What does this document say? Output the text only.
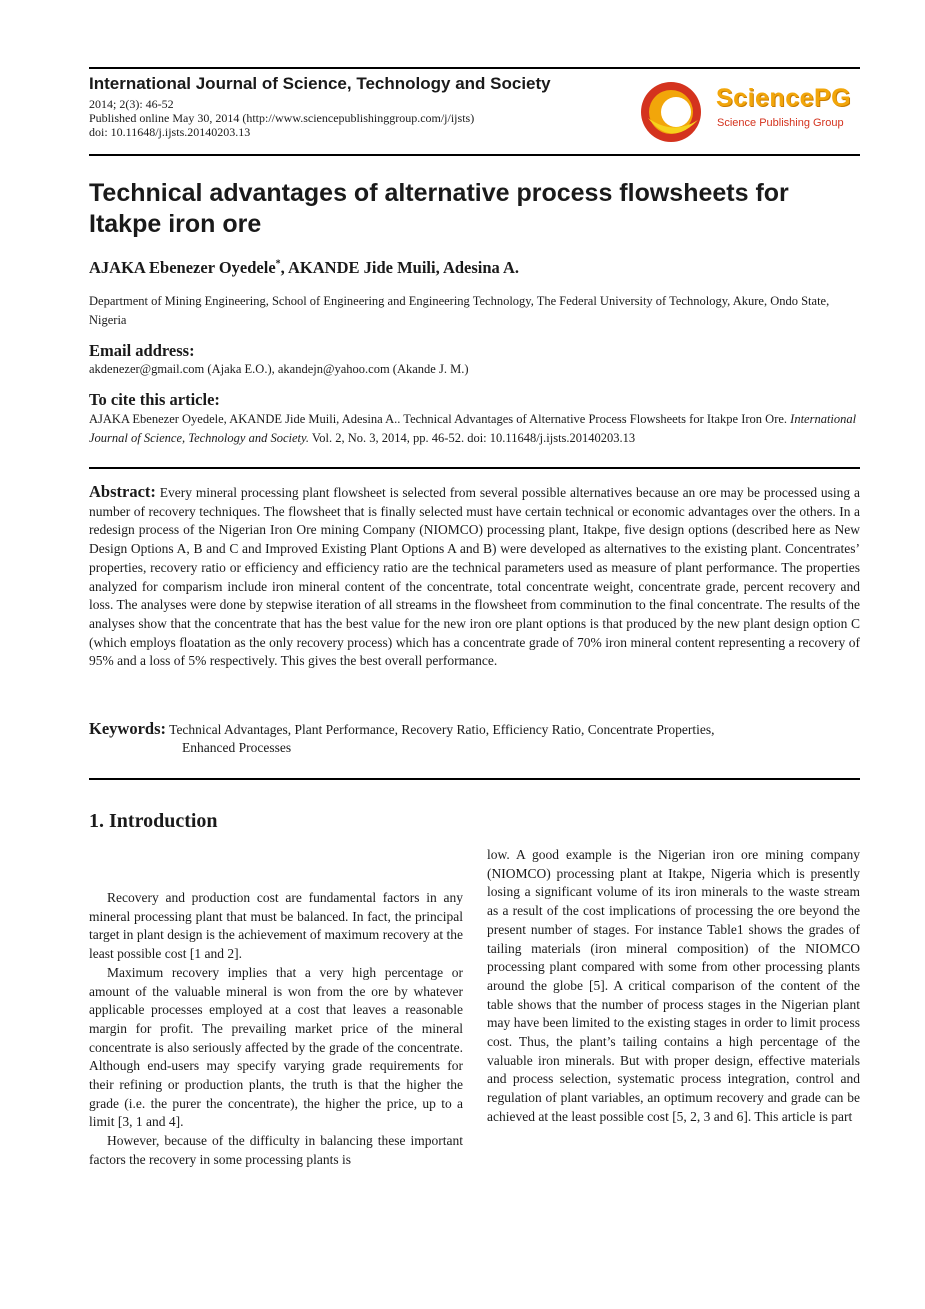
International Journal of Science, Technology and Society
2014; 2(3): 46-52
Published online May 30, 2014 (http://www.sciencepublishinggroup.com/j/ijsts)
doi: 10.11648/j.ijsts.20140203.13
SciencePG
Science Publishing Group
Technical advantages of alternative process flowsheets for Itakpe iron ore
AJAKA Ebenezer Oyedele*, AKANDE Jide Muili, Adesina A.
Department of Mining Engineering, School of Engineering and Engineering Technology, The Federal University of Technology, Akure, Ondo State, Nigeria
Email address:
akdenezer@gmail.com (Ajaka E.O.), akandejn@yahoo.com (Akande J. M.)
To cite this article:
AJAKA Ebenezer Oyedele, AKANDE Jide Muili, Adesina A.. Technical Advantages of Alternative Process Flowsheets for Itakpe Iron Ore. International Journal of Science, Technology and Society. Vol. 2, No. 3, 2014, pp. 46-52. doi: 10.11648/j.ijsts.20140203.13
Abstract: Every mineral processing plant flowsheet is selected from several possible alternatives because an ore may be processed using a number of recovery techniques. The flowsheet that is finally selected must have certain technical or economic advantages over the others. In a redesign process of the Nigerian Iron Ore mining Company (NIOMCO) processing plant, Itakpe, five design options (described here as New Design Options A, B and C and Improved Existing Plant Options A and B) were developed as alternatives to the existing plant. Concentrates’ properties, recovery ratio or efficiency and efficiency ratio are the technical parameters used as measure of plant performance. The properties analyzed for comparism include iron mineral content of the concentrate, total concentrate weight, concentrate grade, percent recovery and loss. The analyses were done by stepwise iteration of all streams in the flowsheet from comminution to the final concentrate. The results of the analyses show that the concentrate that has the best value for the new iron ore plant options is that produced by the new plant design option C (which employs floatation as the only recovery process) which has a concentrate grade of 70% iron mineral content representing a recovery of 95% and a loss of 5% respectively. This gives the best overall performance.
Keywords: Technical Advantages, Plant Performance, Recovery Ratio, Efficiency Ratio, Concentrate Properties,
Enhanced Processes
1. Introduction

Recovery and production cost are fundamental factors in any mineral processing plant that must be balanced. In fact, the principal target in plant design is the achievement of maximum recovery at the least possible cost [1 and 2].

Maximum recovery implies that a very high percentage or amount of the valuable mineral is won from the ore by whatever applicable processes employed at a cost that leaves a reasonable margin for profit. The prevailing market price of the mineral concentrate is also seriously affected by the grade of the concentrate. Although end-users may specify varying grade requirements for their refining or production plants, the truth is that the higher the grade (i.e. the purer the concentrate), the higher the price, up to a limit [3, 1 and 4].

However, because of the difficulty in balancing these important factors the recovery in some processing plants is

low. A good example is the Nigerian iron ore mining company (NIOMCO) processing plant at Itakpe, Nigeria which is presently losing a significant volume of its iron minerals to the waste stream as a result of the cost implications of processing the ore beyond the present number of stages. For instance Table1 shows the grades of tailing materials (iron mineral composition) of the NIOMCO processing plant compared with some from other processing plants around the globe [5]. A critical comparison of the content of the table shows that the number of process stages in the Nigerian plant may have been limited to the existing stages in order to limit process cost. Thus, the plant’s tailing contains a high percentage of the valuable iron minerals. But with proper design, effective materials and process selection, systematic process integration, control and regulation of plant variables, an optimum recovery and grade can be achieved at the least possible cost [5, 2, 3 and 6]. This article is part
